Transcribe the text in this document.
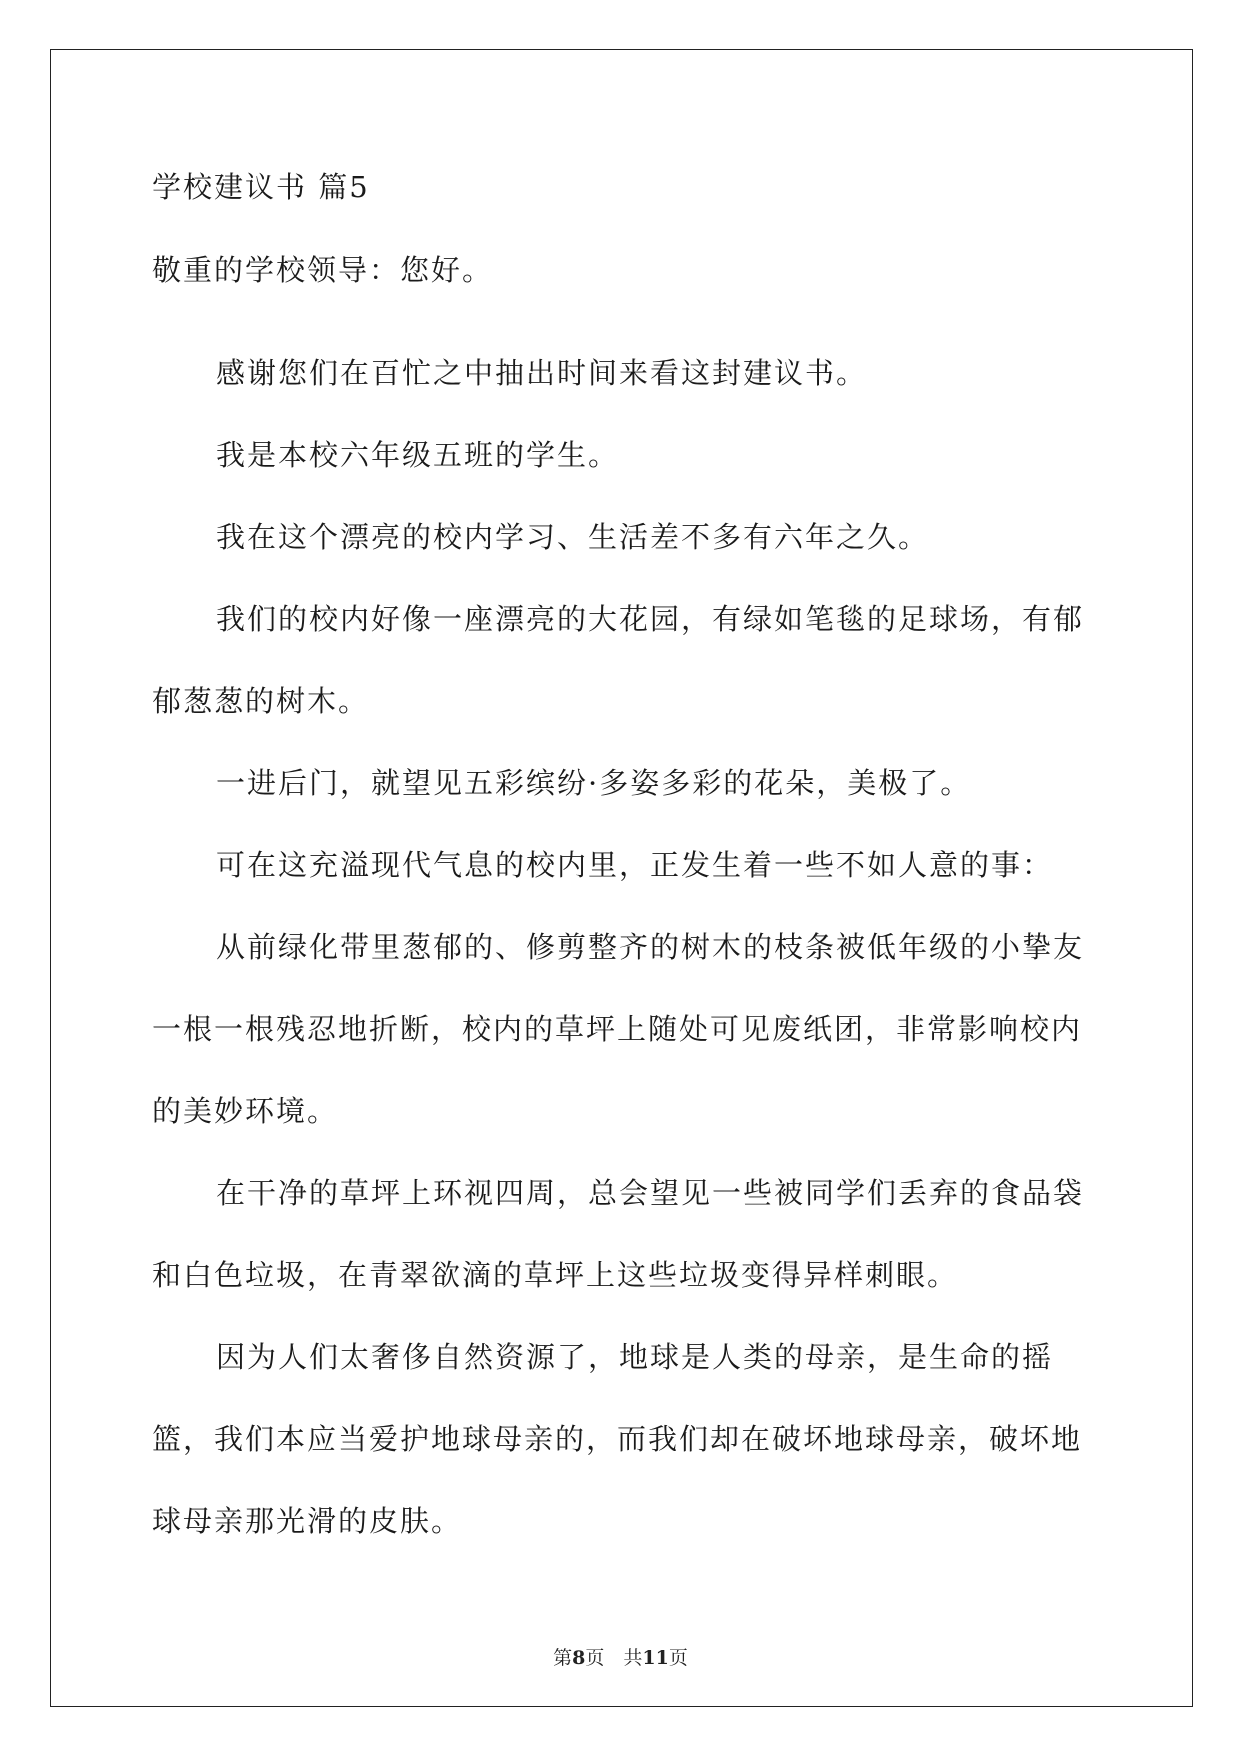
学校建议书 篇5
敬重的学校领导：您好。

感谢您们在百忙之中抽出时间来看这封建议书。

我是本校六年级五班的学生。

我在这个漂亮的校内学习、生活差不多有六年之久。

我们的校内好像一座漂亮的大花园，有绿如笔毯的足球场，有郁郁葱葱的树木。

一进后门，就望见五彩缤纷·多姿多彩的花朵，美极了。

可在这充溢现代气息的校内里，正发生着一些不如人意的事：

从前绿化带里葱郁的、修剪整齐的树木的枝条被低年级的小挚友一根一根残忍地折断，校内的草坪上随处可见废纸团，非常影响校内的美妙环境。

在干净的草坪上环视四周，总会望见一些被同学们丢弃的食品袋和白色垃圾，在青翠欲滴的草坪上这些垃圾变得异样刺眼。

因为人们太奢侈自然资源了，地球是人类的母亲，是生命的摇篮，我们本应当爱护地球母亲的，而我们却在破坏地球母亲，破坏地球母亲那光滑的皮肤。

第8页　共11页
